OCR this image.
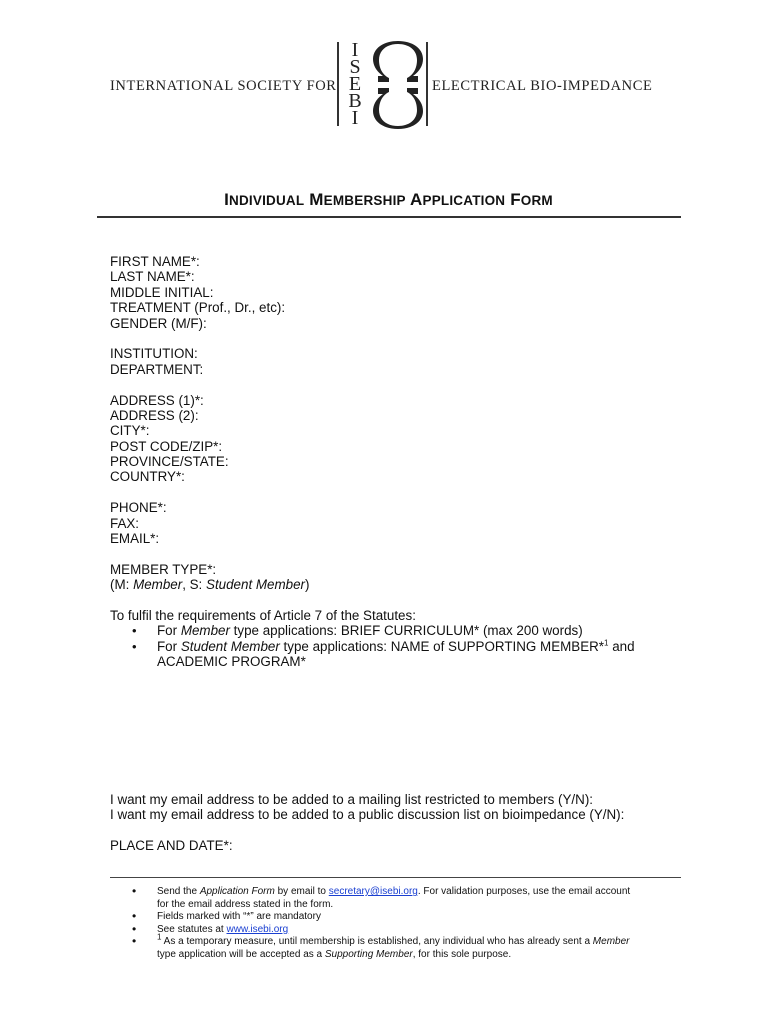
INTERNATIONAL SOCIETY FOR
I
S
E
B
I
ELECTRICAL BIO-IMPEDANCE
INDIVIDUAL MEMBERSHIP APPLICATION FORM
FIRST NAME*:
LAST NAME*:
MIDDLE INITIAL:
TREATMENT (Prof., Dr., etc):
GENDER (M/F):
INSTITUTION:
DEPARTMENT:
ADDRESS (1)*:
ADDRESS (2):
CITY*:
POST CODE/ZIP*:
PROVINCE/STATE:
COUNTRY*:
PHONE*:
FAX:
EMAIL*:
MEMBER TYPE*:
(M: Member, S: Student Member)
To fulfil the requirements of Article 7 of the Statutes:
• For Member type applications: BRIEF CURRICULUM* (max 200 words)
• For Student Member type applications: NAME of SUPPORTING MEMBER*$^1$ and
ACADEMIC PROGRAM*
I want my email address to be added to a mailing list restricted to members (Y/N):
I want my email address to be added to a public discussion list on bioimpedance (Y/N):
PLACE AND DATE*:
• Send the Application Form by email to secretary@isebi.org. For validation purposes, use the email account
for the email address stated in the form.
• Fields marked with “*” are mandatory
• See statutes at www.isebi.org
• $^1$ As a temporary measure, until membership is established, any individual who has already sent a Member
type application will be accepted as a Supporting Member, for this sole purpose.
